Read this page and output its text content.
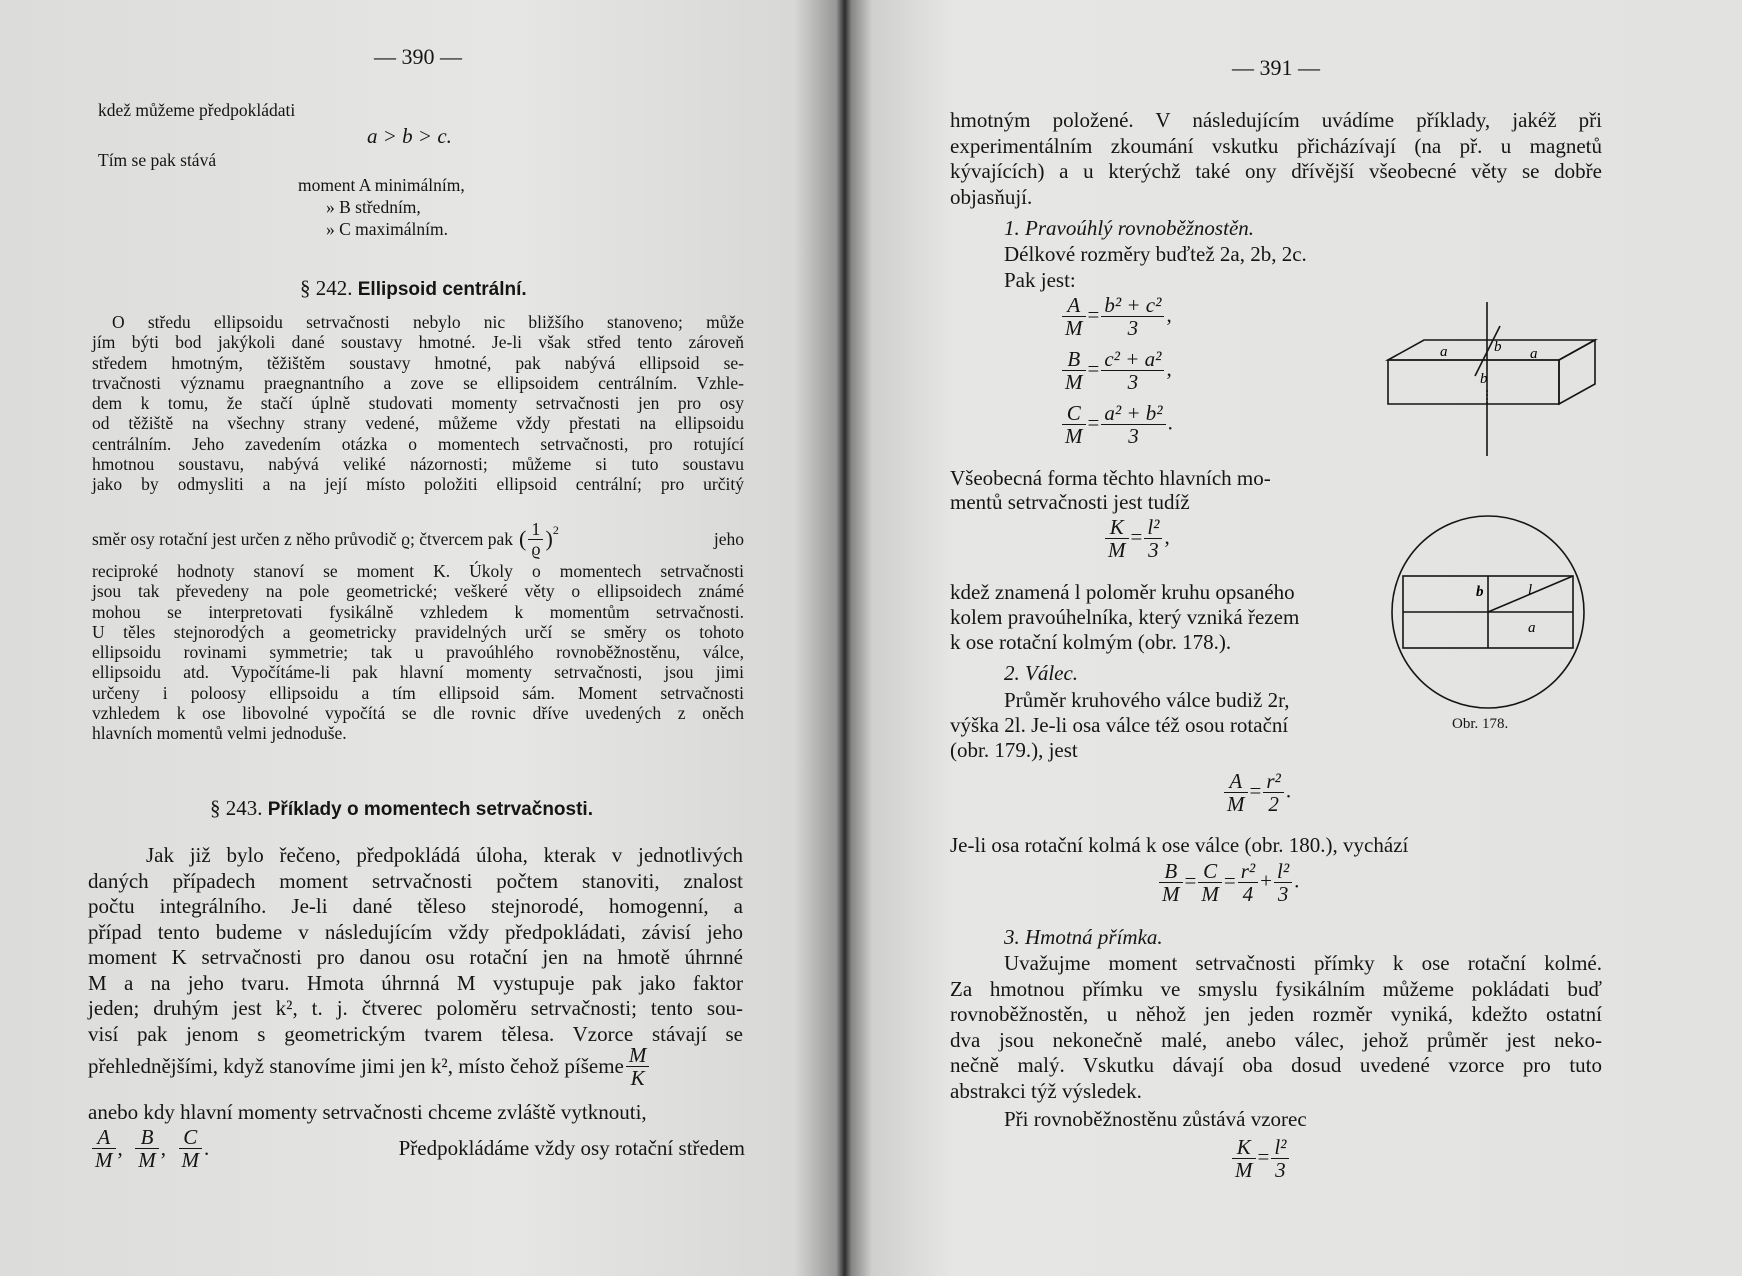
— 390 —
kdež můžeme předpokládati
a > b > c.
Tím se pak stává
moment A minimálním,
» B středním,
» C maximálním.
§ 242. Ellipsoid centrální.
O středu ellipsoidu setrvačnosti nebylo nic bližšího stanoveno; může
jím býti bod jakýkoli dané soustavy hmotné. Je-li však střed tento zároveň
středem hmotným, těžištěm soustavy hmotné, pak nabývá ellipsoid se-
trvačnosti významu praegnantního a zove se ellipsoidem centrálním. Vzhle-
dem k tomu, že stačí úplně studovati momenty setrvačnosti jen pro osy
od těžiště na všechny strany vedené, můžeme vždy přestati na ellipsoidu
centrálním. Jeho zavedením otázka o momentech setrvačnosti, pro rotující
hmotnou soustavu, nabývá veliké názornosti; můžeme si tuto soustavu
jako by odmysliti a na její místo položiti ellipsoid centrální; pro určitý
směr osy rotační jest určen z něho průvodič ϱ; čtvercem pak ( $\frac{1}{ϱ} )^2$	jeho
reciproké hodnoty stanoví se moment K. Úkoly o momentech setrvačnosti
jsou tak převedeny na pole geometrické; veškeré věty o ellipsoidech známé
mohou se interpretovati fysikálně vzhledem k momentům setrvačnosti.
U těles stejnorodých a geometricky pravidelných určí se směry os tohoto
ellipsoidu rovinami symmetrie; tak u pravoúhlého rovnoběžnostěnu, válce,
ellipsoidu atd. Vypočítáme-li pak hlavní momenty setrvačnosti, jsou jimi
určeny i poloosy ellipsoidu a tím ellipsoid sám. Moment setrvačnosti
vzhledem k ose libovolné vypočítá se dle rovnic dříve uvedených z oněch
hlavních momentů velmi jednoduše.
§ 243. Příklady o momentech setrvačnosti.
Jak již bylo řečeno, předpokládá úloha, kterak v jednotlivých
daných případech moment setrvačnosti počtem stanoviti, znalost
počtu integrálního. Je-li dané těleso stejnorodé, homogenní, a
případ tento budeme v následujícím vždy předpokládati, závisí jeho
moment K setrvačnosti pro danou osu rotační jen na hmotě úhrnné
M a na jeho tvaru. Hmota úhrnná M vystupuje pak jako faktor
jeden; druhým jest k², t. j. čtverec poloměru setrvačnosti; tento sou-
visí pak jenom s geometrickým tvarem tělesa. Vzorce stávají se
přehlednějšími, když stanovíme jimi jen k², místo čehož píšeme $\frac{M}{K}$
anebo kdy hlavní momenty setrvačnosti chceme zvláště vytknouti,
$\frac{A}{M}$ , $\frac{B}{M}$ , $\frac{C}{M}$ .	Předpokládáme vždy osy rotační středem
— 391 —
hmotným položené. V následujícím uvádíme příklady, jakéž při
experimentálním zkoumání vskutku přicházívají (na př. u magnetů
kývajících) a u kterýchž také ony dřívější všeobecné věty se dobře
objasňují.
1. Pravoúhlý rovnoběžnostěn.
Délkové rozměry buďtež 2a, 2b, 2c.
Pak jest:
$\frac{A}{M} = \frac{\text{b² + c²}}{3}$ ,
$\frac{B}{M} = \frac{\text{c² + a²}}{3}$ ,
$\frac{C}{M} = \frac{\text{a² + b²}}{3}$ .
a	b a
b
Všeobecná forma těchto hlavních mo-
mentů setrvačnosti jest tudíž
$\frac{K}{M} = \frac{\text{l²}}{3}$ ,
b	l
a
Obr. 178.
kdež znamená l poloměr kruhu opsaného
kolem pravoúhelníka, který vzniká řezem
k ose rotační kolmým (obr. 178.).
2. Válec.
Průměr kruhového válce budiž 2r,
výška 2l. Je-li osa válce též osou rotační
(obr. 179.), jest
$\frac{A}{M} = \frac{\text{r²}}{2}$ .
Je-li osa rotační kolmá k ose válce (obr. 180.), vychází
$\frac{B}{M} = \frac{C}{M} = \frac{\text{r²}}{4} + \frac{\text{l²}}{3}$ .
3. Hmotná přímka.
Uvažujme moment setrvačnosti přímky k ose rotační kolmé.
Za hmotnou přímku ve smyslu fysikálním můžeme pokládati buď
rovnoběžnostěn, u něhož jen jeden rozměr vyniká, kdežto ostatní
dva jsou nekonečně malé, anebo válec, jehož průměr jest neko-
nečně malý. Vskutku dávají oba dosud uvedené vzorce pro tuto
abstrakci týž výsledek.
Při rovnoběžnostěnu zůstává vzorec
$\frac{K}{M} = \frac{\text{l²}}{3}$
